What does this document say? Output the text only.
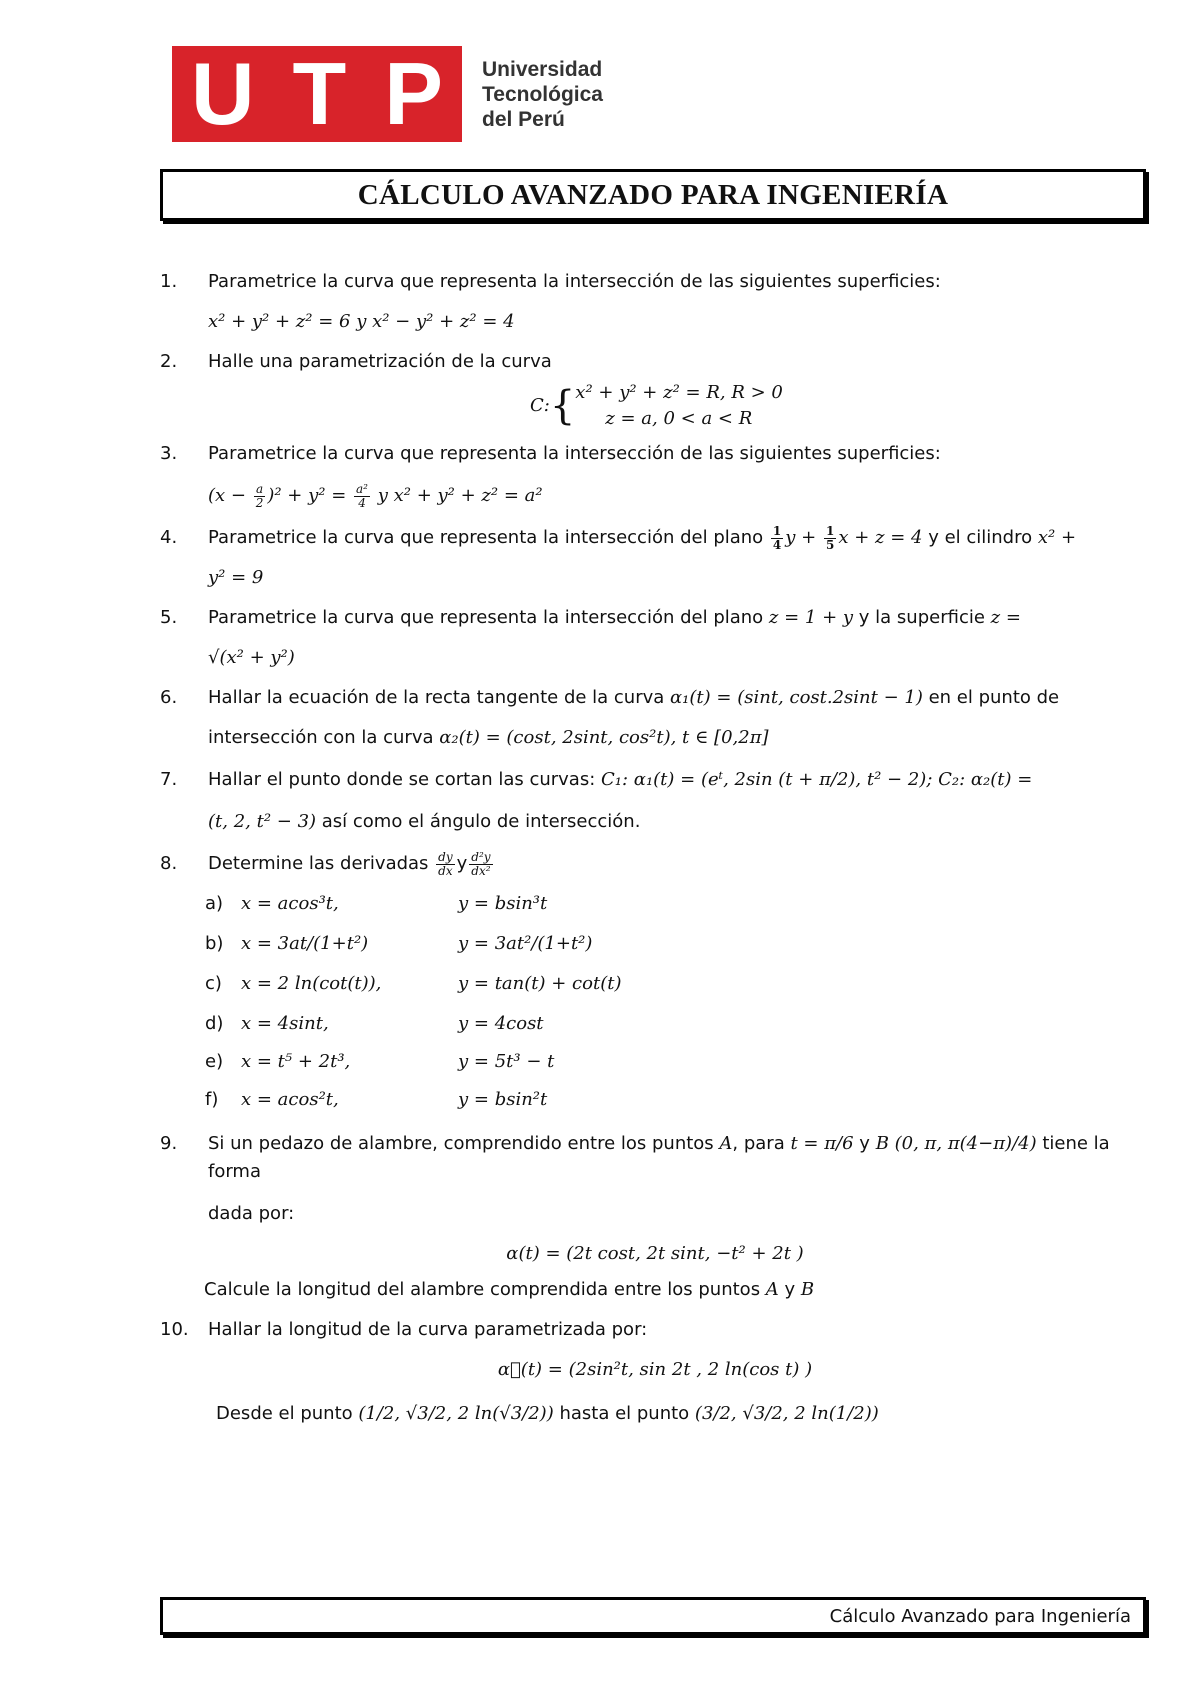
U T P Universidad
Tecnológica
del Perú
CÁLCULO AVANZADO PARA INGENIERÍA
1.	Parametrice la curva que representa la intersección de las siguientes superficies:
x² + y² + z² = 6 y x² − y² + z² = 4
2.	Halle una parametrización de la curva
C:{ x² + y² + z² = R, R > 0
z = a, 0 < a < R
3.	Parametrice la curva que representa la intersección de las siguientes superficies:
$(x - \frac{a}{2} )^2 + y^2 = \frac{\text{a²}}{4}$ y x² + y² + z² = a²
4.	Parametrice la curva que representa la intersección del plano $\frac{1}{4}$ $y + \frac{1}{5}$ x + z = 4 y el cilindro x² +
y² = 9
5.	Parametrice la curva que representa la intersección del plano z = 1 + y y la superficie z =
√(x² + y²)
6.	Hallar la ecuación de la recta tangente de la curva α₁(t) = (sint, cost.2sint − 1) en el punto de
intersección con la curva α₂(t) = (cost, 2sint, cos²t), t ∈ [0,2π]
7.	Hallar el punto donde se cortan las curvas: C₁: α₁(t) = (eᵗ, 2sin (t + π/2), t² − 2); C₂: α₂(t) =
(t, 2, t² − 3) así como el ángulo de intersección.
8.	Determine las derivadas $\frac{dy}{dx}$ y $\frac{\text{d²y}}{\text{dx²}}$
a) x = acos³t,	y = bsin³t
b) x = 3at/(1+t²)	y = 3at²/(1+t²)
c) x = 2 ln(cot(t)),	y = tan(t) + cot(t)
d) x = 4sint,	y = 4cost
e) x = t⁵ + 2t³,	y = 5t³ − t
f) x = acos²t,	y = bsin²t
9.	Si un pedazo de alambre, comprendido entre los puntos A, para t = π/6 y B (0, π, π(4−π)/4) tiene la forma
dada por:
α(t) = (2t cost, 2t sint, −t² + 2t )
Calcule la longitud del alambre comprendida entre los puntos A y B
10.	Hallar la longitud de la curva parametrizada por:
α⃗(t) = (2sin²t, sin 2t , 2 ln(cos t) )
Desde el punto (1/2, √3/2, 2 ln(√3/2)) hasta el punto (3/2, √3/2, 2 ln(1/2))
Cálculo Avanzado para Ingeniería
